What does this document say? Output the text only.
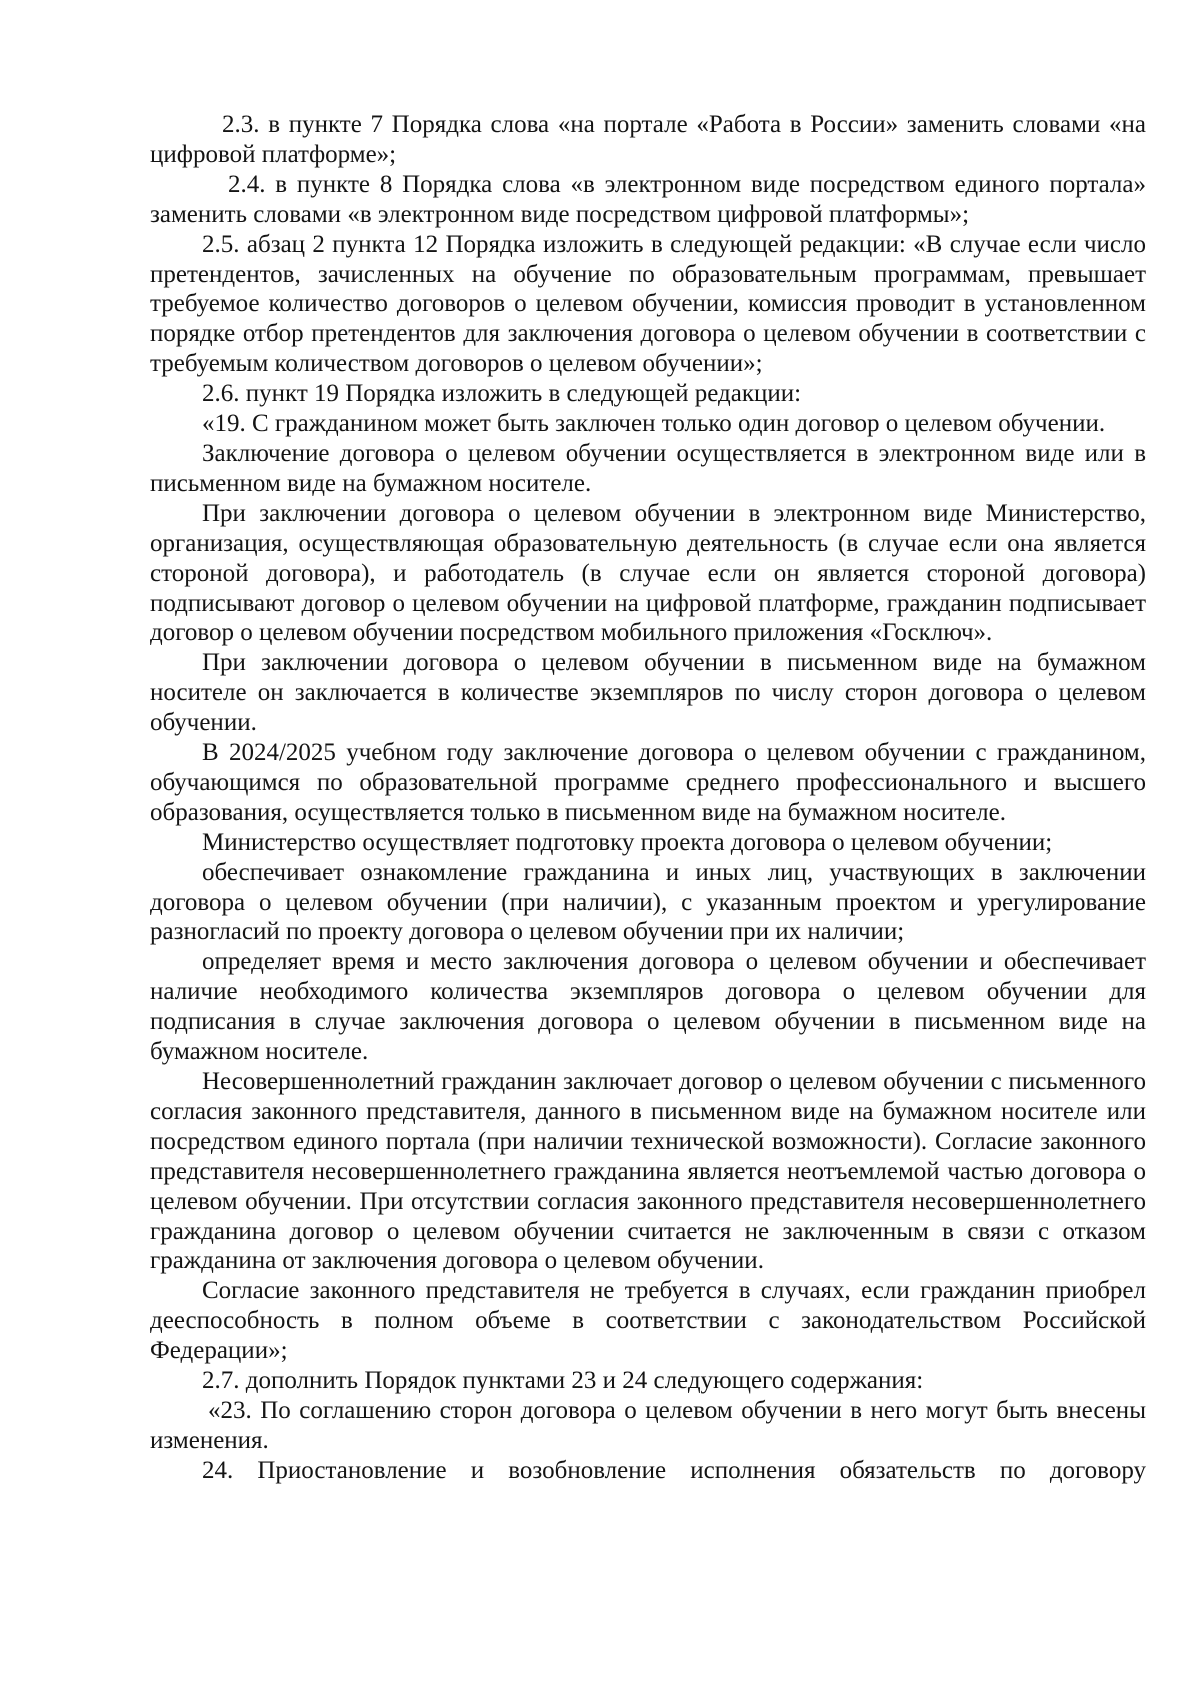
2.3. в пункте 7 Порядка слова «на портале «Работа в России» заменить словами «на цифровой платформе»;

2.4. в пункте 8 Порядка слова «в электронном виде посредством единого портала» заменить словами «в электронном виде посредством цифровой платформы»;

2.5. абзац 2 пункта 12 Порядка изложить в следующей редакции: «В случае если число претендентов, зачисленных на обучение по образовательным программам, превышает требуемое количество договоров о целевом обучении, комиссия проводит в установленном порядке отбор претендентов для заключения договора о целевом обучении в соответствии с требуемым количеством договоров о целевом обучении»;

2.6. пункт 19 Порядка изложить в следующей редакции:

«19. С гражданином может быть заключен только один договор о целевом обучении.

Заключение договора о целевом обучении осуществляется в электронном виде или в письменном виде на бумажном носителе.

При заключении договора о целевом обучении в электронном виде Министерство, организация, осуществляющая образовательную деятельность (в случае если она является стороной договора), и работодатель (в случае если он является стороной договора) подписывают договор о целевом обучении на цифровой платформе, гражданин подписывает договор о целевом обучении посредством мобильного приложения «Госключ».

При заключении договора о целевом обучении в письменном виде на бумажном носителе он заключается в количестве экземпляров по числу сторон договора о целевом обучении.

В 2024/2025 учебном году заключение договора о целевом обучении с гражданином, обучающимся по образовательной программе среднего профессионального и высшего образования, осуществляется только в письменном виде на бумажном носителе.

Министерство осуществляет подготовку проекта договора о целевом обучении;

обеспечивает ознакомление гражданина и иных лиц, участвующих в заключении договора о целевом обучении (при наличии), с указанным проектом и урегулирование разногласий по проекту договора о целевом обучении при их наличии;

определяет время и место заключения договора о целевом обучении и обеспечивает наличие необходимого количества экземпляров договора о целевом обучении для подписания в случае заключения договора о целевом обучении в письменном виде на бумажном носителе.

Несовершеннолетний гражданин заключает договор о целевом обучении с письменного согласия законного представителя, данного в письменном виде на бумажном носителе или посредством единого портала (при наличии технической возможности). Согласие законного представителя несовершеннолетнего гражданина является неотъемлемой частью договора о целевом обучении. При отсутствии согласия законного представителя несовершеннолетнего гражданина договор о целевом обучении считается не заключенным в связи с отказом гражданина от заключения договора о целевом обучении.

Согласие законного представителя не требуется в случаях, если гражданин приобрел дееспособность в полном объеме в соответствии с законодательством Российской Федерации»;

2.7. дополнить Порядок пунктами 23 и 24 следующего содержания:

«23. По соглашению сторон договора о целевом обучении в него могут быть внесены изменения.

24. Приостановление и возобновление исполнения обязательств по договору
